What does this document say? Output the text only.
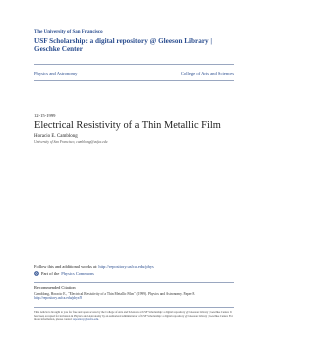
The University of San Francisco
USF Scholarship: a digital repository @ Gleeson Library | Geschke Center
Physics and Astronomy	College of Arts and Sciences
12-15-1999
Electrical Resistivity of a Thin Metallic Film
Horacio E. Camblong
University of San Francisco, camblong@usfca.edu
Follow this and additional works at: http://repository.usfca.edu/phys
Part of the Physics Commons
Recommended Citation
Camblong, Horacio E., "Electrical Resistivity of a Thin Metallic Film" (1999). Physics and Astronomy. Paper 8.
http://repository.usfca.edu/phys/8
This Article is brought to you for free and open access by the College of Arts and Sciences at USF Scholarship: a digital repository @ Gleeson Library | Geschke Center. It has been accepted for inclusion in Physics and Astronomy by an authorized administrator of USF Scholarship: a digital repository @ Gleeson Library | Geschke Center. For more information, please contact repository@usfca.edu.
